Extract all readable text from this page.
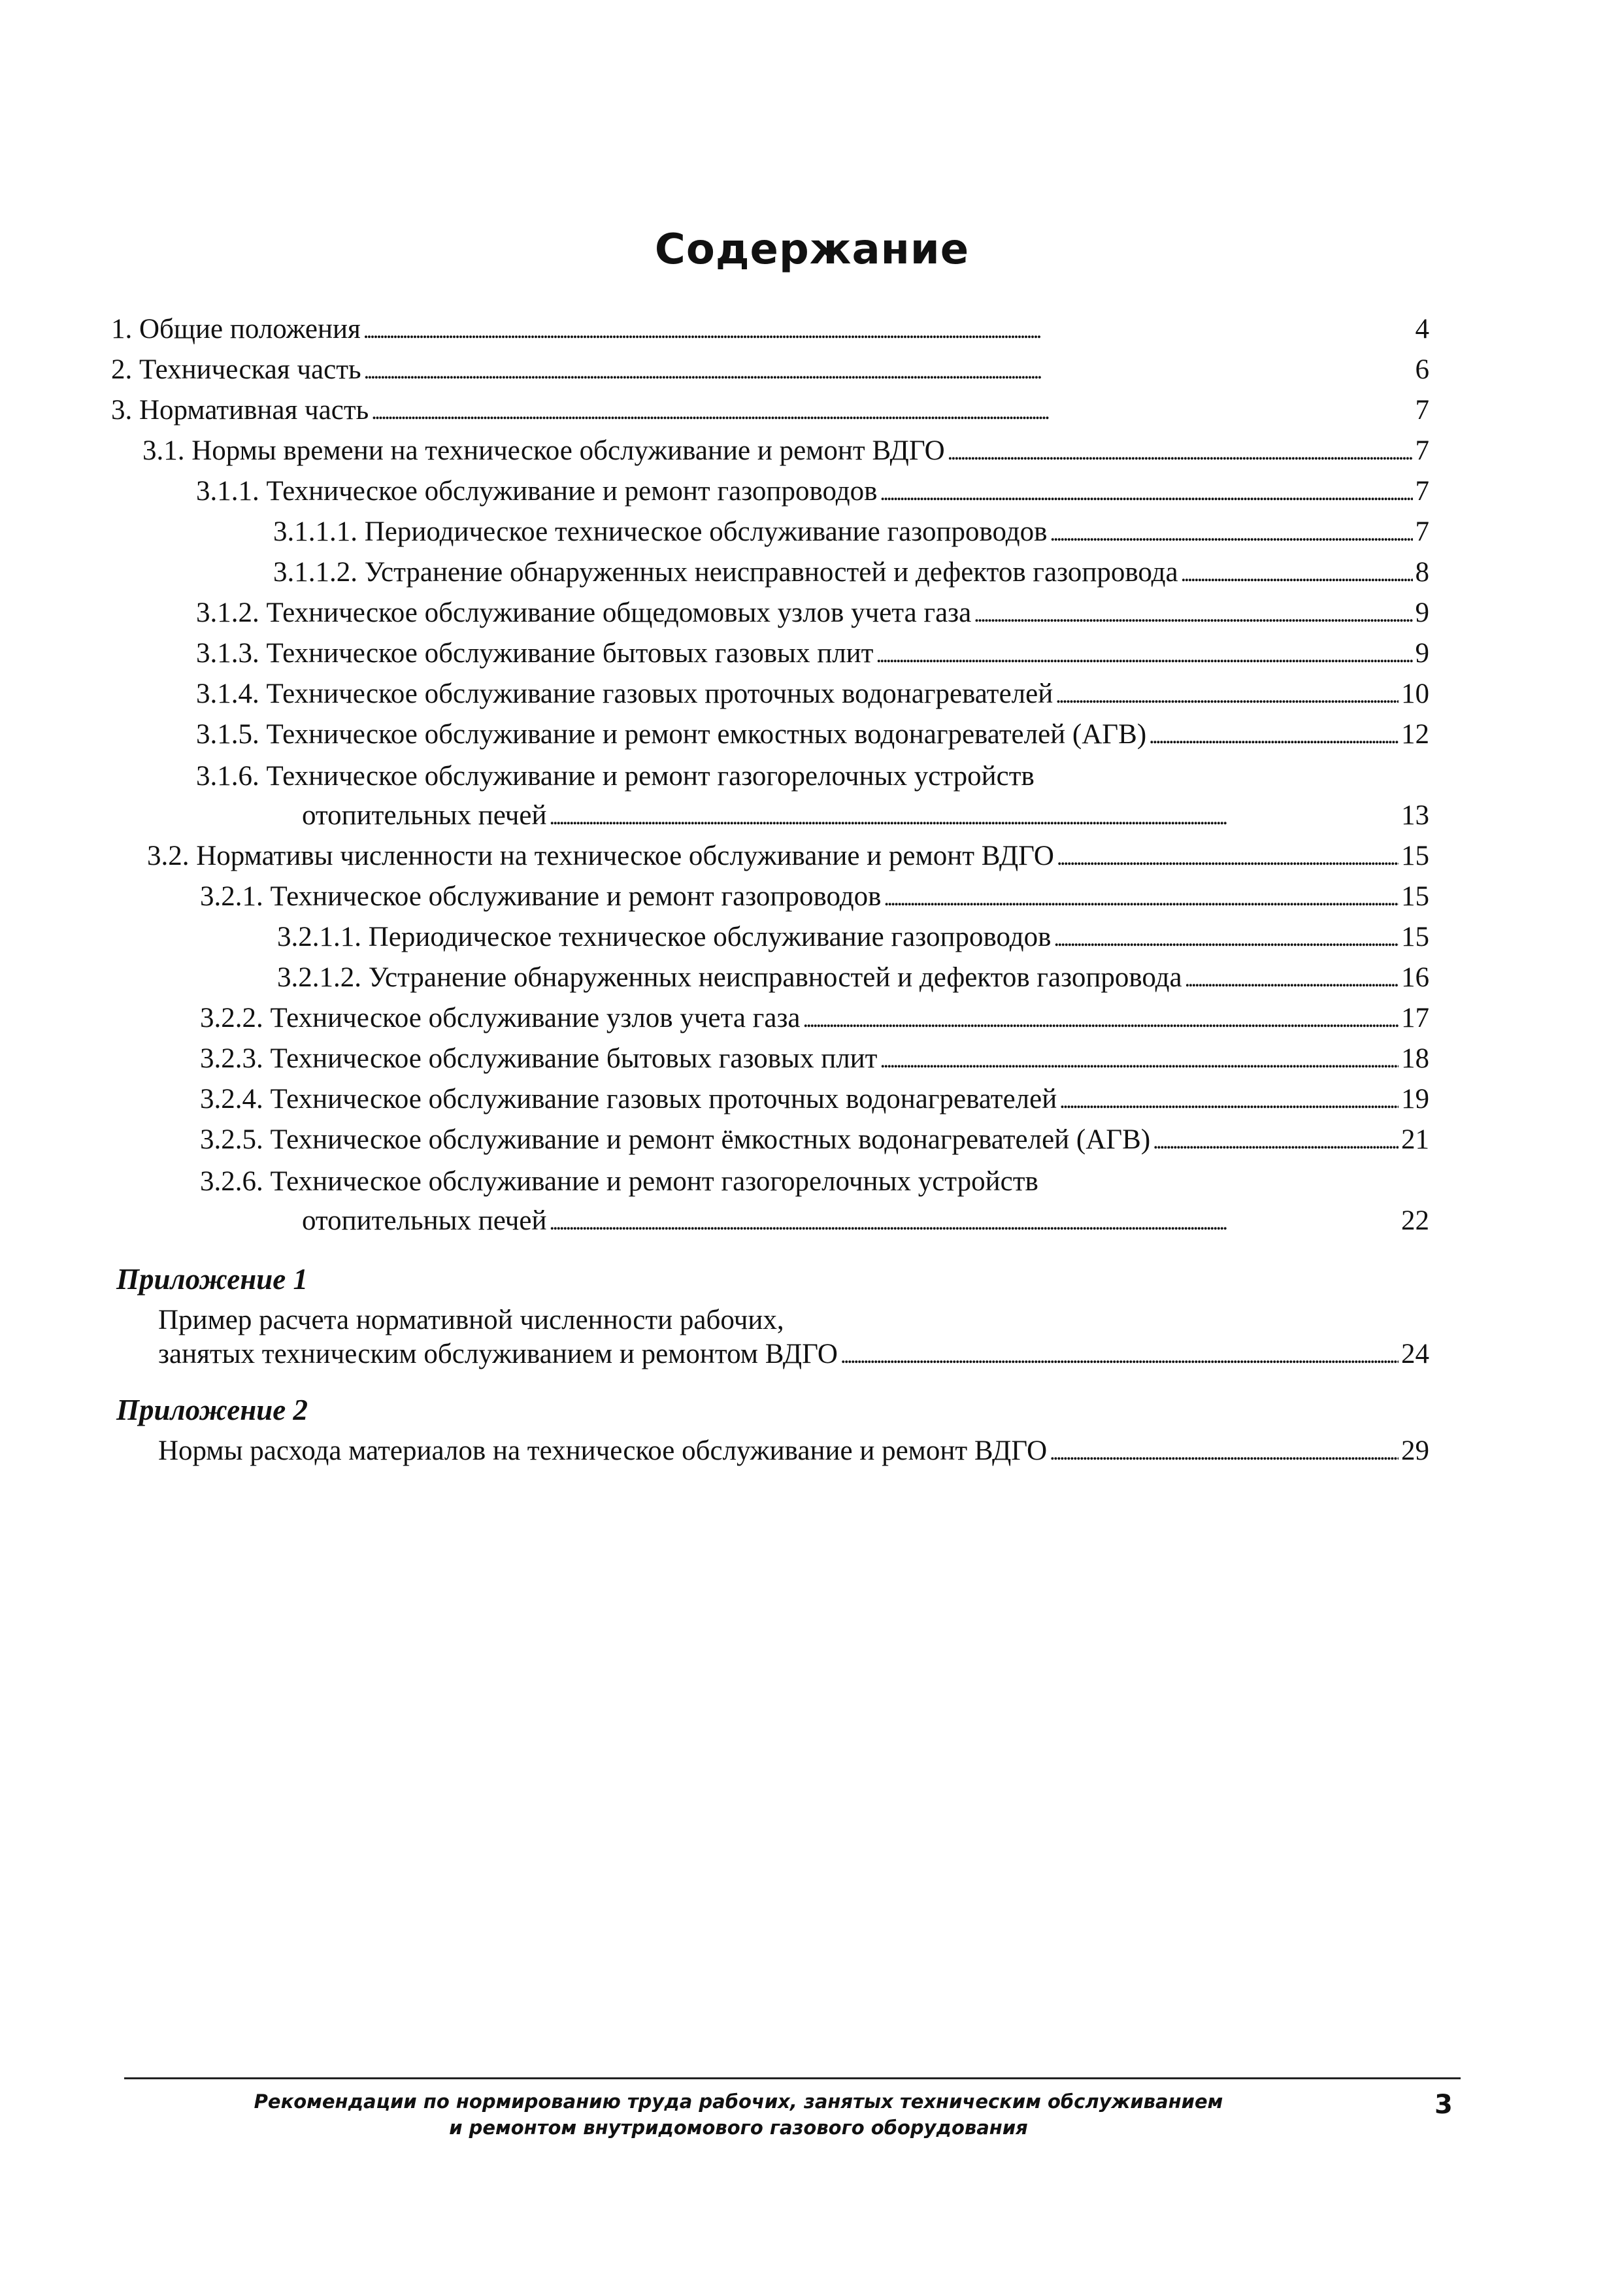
Содержание
1. Общие положения . . .	4
2. Техническая часть . . .	6
3. Нормативная часть . . .	7
3.1. Нормы времени на техническое обслуживание и ремонт ВДГО . . .	7
3.1.1. Техническое обслуживание и ремонт газопроводов . . .	7
3.1.1.1. Периодическое техническое обслуживание газопроводов . . .	7
3.1.1.2. Устранение обнаруженных неисправностей и дефектов газопровода . . .	8
3.1.2. Техническое обслуживание общедомовых узлов учета газа . . .	9
3.1.3. Техническое обслуживание бытовых газовых плит . . .	9
3.1.4. Техническое обслуживание газовых проточных водонагревателей . . .	10
3.1.5. Техническое обслуживание и ремонт емкостных водонагревателей (АГВ) . . .	12
3.1.6. Техническое обслуживание и ремонт газогорелочных устройств
отопительных печей . . .	13
3.2. Нормативы численности на техническое обслуживание и ремонт ВДГО . . .	15
3.2.1. Техническое обслуживание и ремонт газопроводов . . .	15
3.2.1.1. Периодическое техническое обслуживание газопроводов . . .	15
3.2.1.2. Устранение обнаруженных неисправностей и дефектов газопровода . . .	16
3.2.2. Техническое обслуживание узлов учета газа . . .	17
3.2.3. Техническое обслуживание бытовых газовых плит . . .	18
3.2.4. Техническое обслуживание газовых проточных водонагревателей . . .	19
3.2.5. Техническое обслуживание и ремонт ёмкостных водонагревателей (АГВ) . . .	21
3.2.6. Техническое обслуживание и ремонт газогорелочных устройств
отопительных печей . . .	22
Приложение 1
Пример расчета нормативной численности рабочих,
занятых техническим обслуживанием и ремонтом ВДГО . . .	24
Приложение 2
Нормы расхода материалов на техническое обслуживание и ремонт ВДГО . . .	29
Рекомендации по нормированию труда рабочих, занятых техническим обслуживанием
и ремонтом внутридомового газового оборудования
3
